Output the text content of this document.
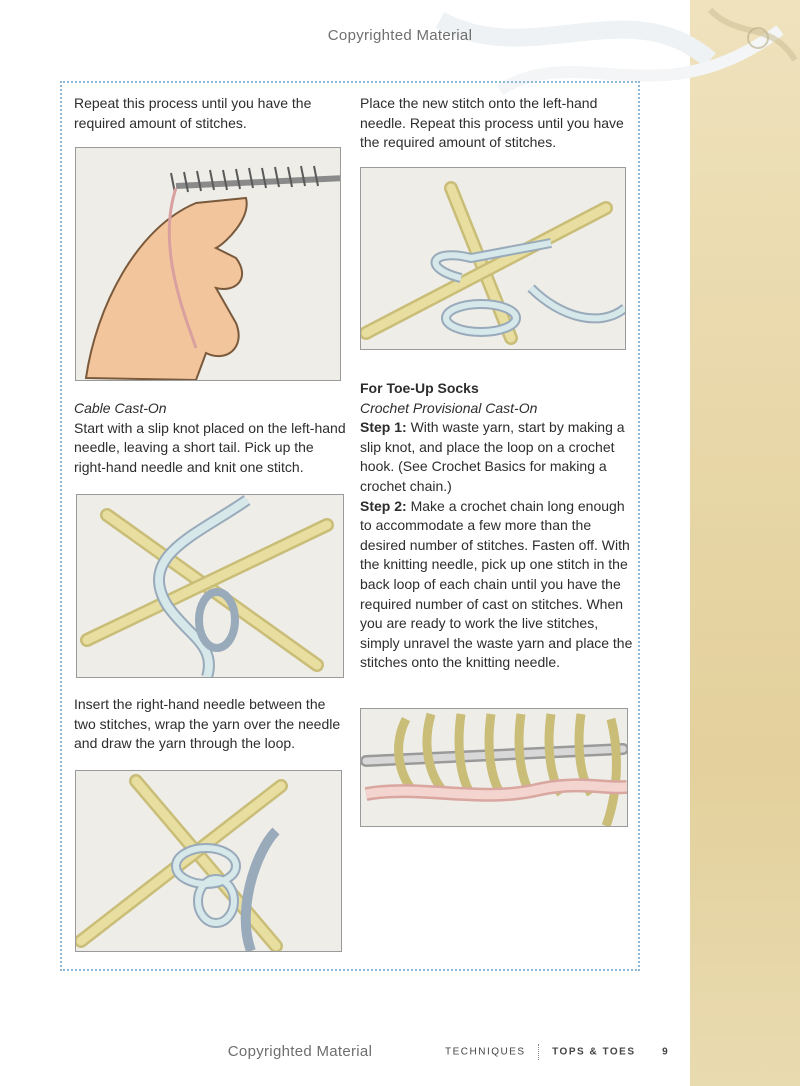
Copyrighted Material

Repeat this process until you have the required amount of stitches.

Cable Cast-On
Start with a slip knot placed on the left-hand needle, leaving a short tail. Pick up the right-hand needle and knit one stitch.

Insert the right-hand needle between the two stitches, wrap the yarn over the needle and draw the yarn through the loop.

Place the new stitch onto the left-hand needle. Repeat this process until you have the required amount of stitches.

For Toe-Up Socks
Crochet Provisional Cast-On
Step 1: With waste yarn, start by making a slip knot, and place the loop on a crochet hook. (See Crochet Basics for making a crochet chain.)
Step 2: Make a crochet chain long enough to accommodate a few more than the desired number of stitches. Fasten off. With the knitting needle, pick up one stitch in the back loop of each chain until you have the required number of cast on stitches. When you are ready to work the live stitches, simply unravel the waste yarn and place the stitches onto the knitting needle.

Copyrighted Material	TECHNIQUES	TOPS & TOES	9
